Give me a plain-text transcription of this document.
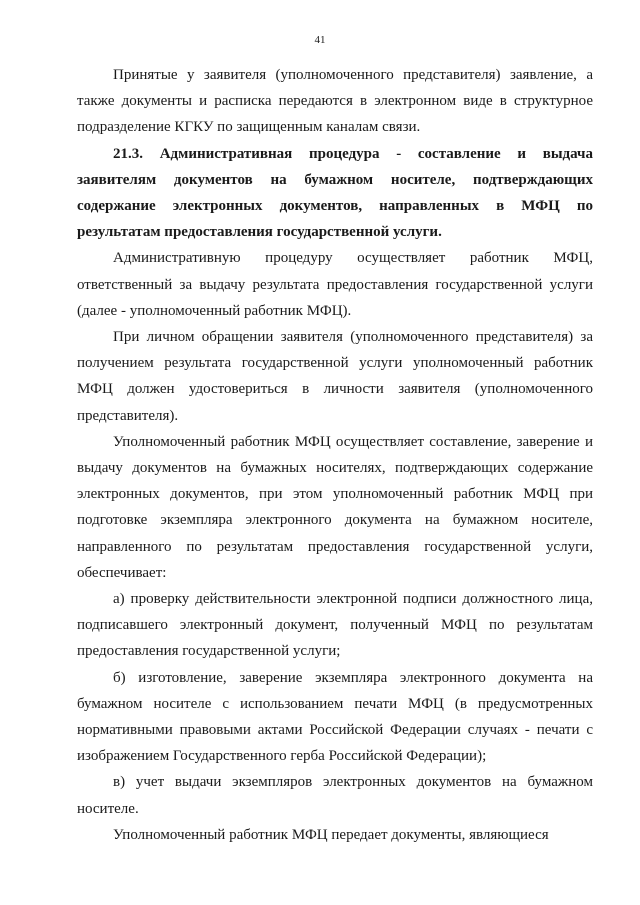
41

Принятые у заявителя (уполномоченного представителя) заявление, а также документы и расписка передаются в электронном виде в структурное подразделение КГКУ по защищенным каналам связи.

21.3. Административная процедура - составление и выдача заявителям документов на бумажном носителе, подтверждающих содержание электронных документов, направленных в МФЦ по результатам предоставления государственной услуги.

Административную процедуру осуществляет работник МФЦ, ответственный за выдачу результата предоставления государственной услуги (далее - уполномоченный работник МФЦ).

При личном обращении заявителя (уполномоченного представителя) за получением результата государственной услуги уполномоченный работник МФЦ должен удостовериться в личности заявителя (уполномоченного представителя).

Уполномоченный работник МФЦ осуществляет составление, заверение и выдачу документов на бумажных носителях, подтверждающих содержание электронных документов, при этом уполномоченный работник МФЦ при подготовке экземпляра электронного документа на бумажном носителе, направленного по результатам предоставления государственной услуги, обеспечивает:

а) проверку действительности электронной подписи должностного лица, подписавшего электронный документ, полученный МФЦ по результатам предоставления государственной услуги;

б) изготовление, заверение экземпляра электронного документа на бумажном носителе с использованием печати МФЦ (в предусмотренных нормативными правовыми актами Российской Федерации случаях - печати с изображением Государственного герба Российской Федерации);

в) учет выдачи экземпляров электронных документов на бумажном носителе.

Уполномоченный работник МФЦ передает документы, являющиеся
